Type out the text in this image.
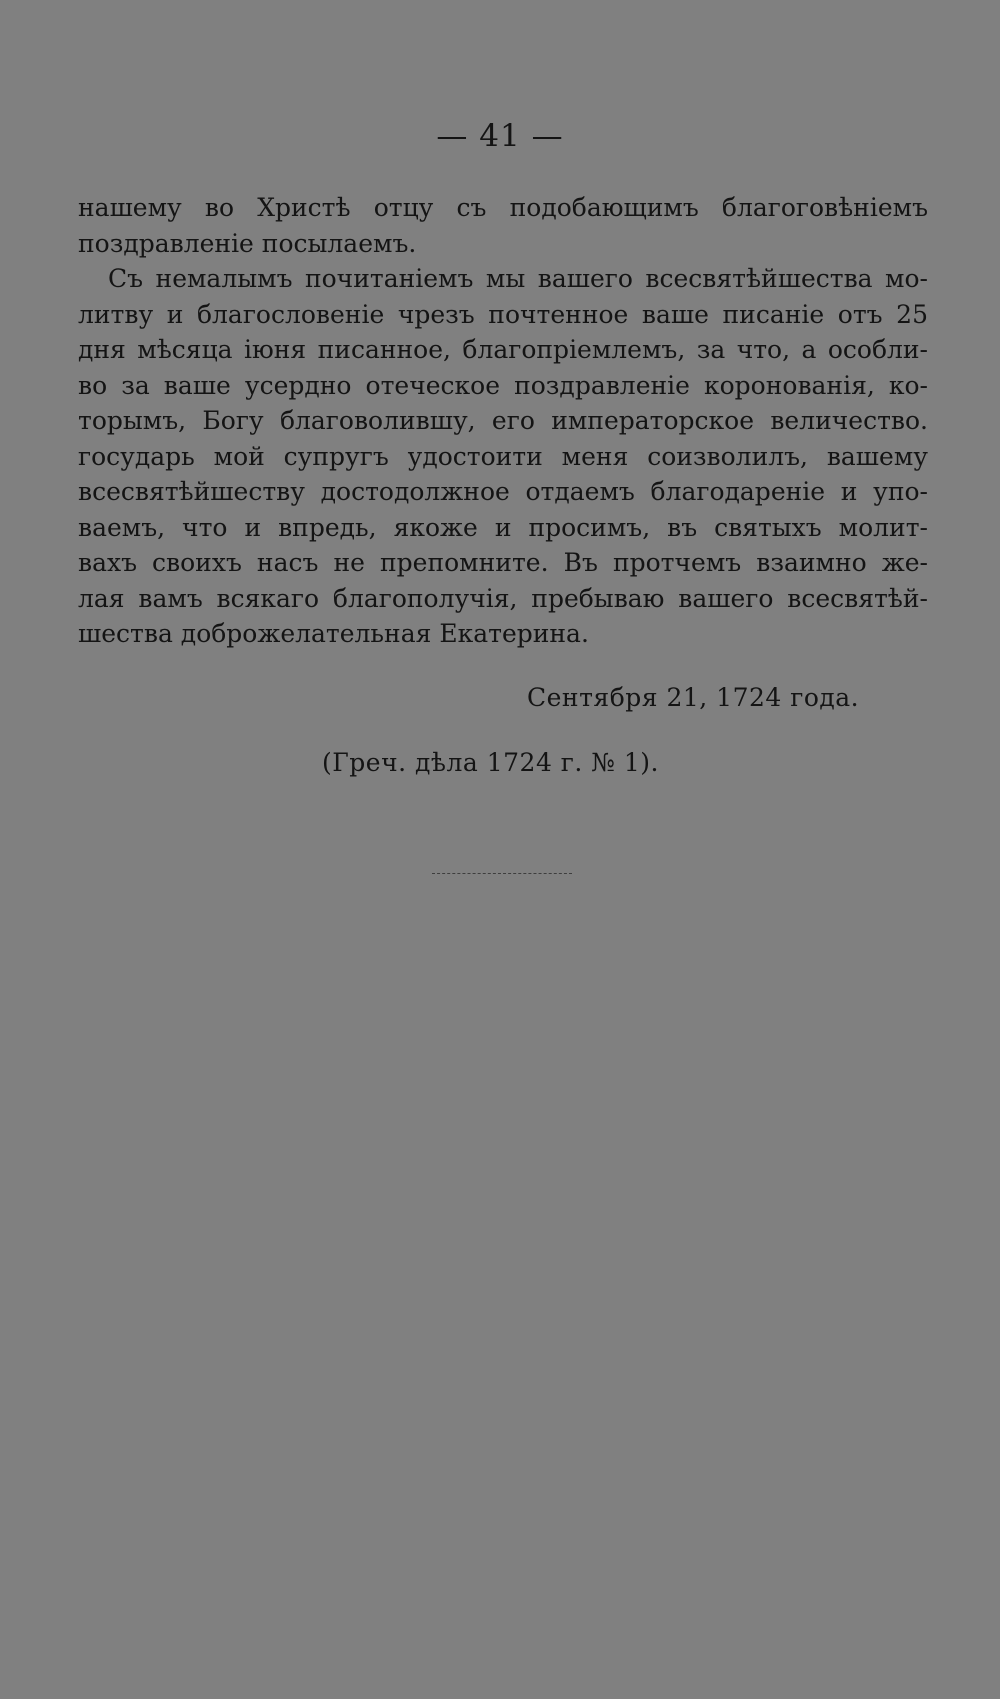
— 41 —
нашему во Христѣ отцу съ подобающимъ благоговѣніемъ
поздравленіе посылаемъ.
Съ немалымъ почитаніемъ мы вашего всесвятѣйшества мо-
литву и благословеніе чрезъ почтенное ваше писаніе отъ 25
дня мѣсяца іюня писанное, благопріемлемъ, за что, а особли-
во за ваше усердно отеческое поздравленіе коронованія, ко-
торымъ, Богу благоволившу, его императорское величество.
государь мой супругъ удостоити меня соизволилъ, вашему
всесвятѣйшеству достодолжное отдаемъ благодареніе и упо-
ваемъ, что и впредь, якоже и просимъ, въ святыхъ молит-
вахъ своихъ насъ не препомните. Въ протчемъ взаимно же-
лая вамъ всякаго благополучія, пребываю вашего всесвятѣй-
шества доброжелательная Екатерина.
Сентября 21, 1724 года.
(Греч. дѣла 1724 г. № 1).
